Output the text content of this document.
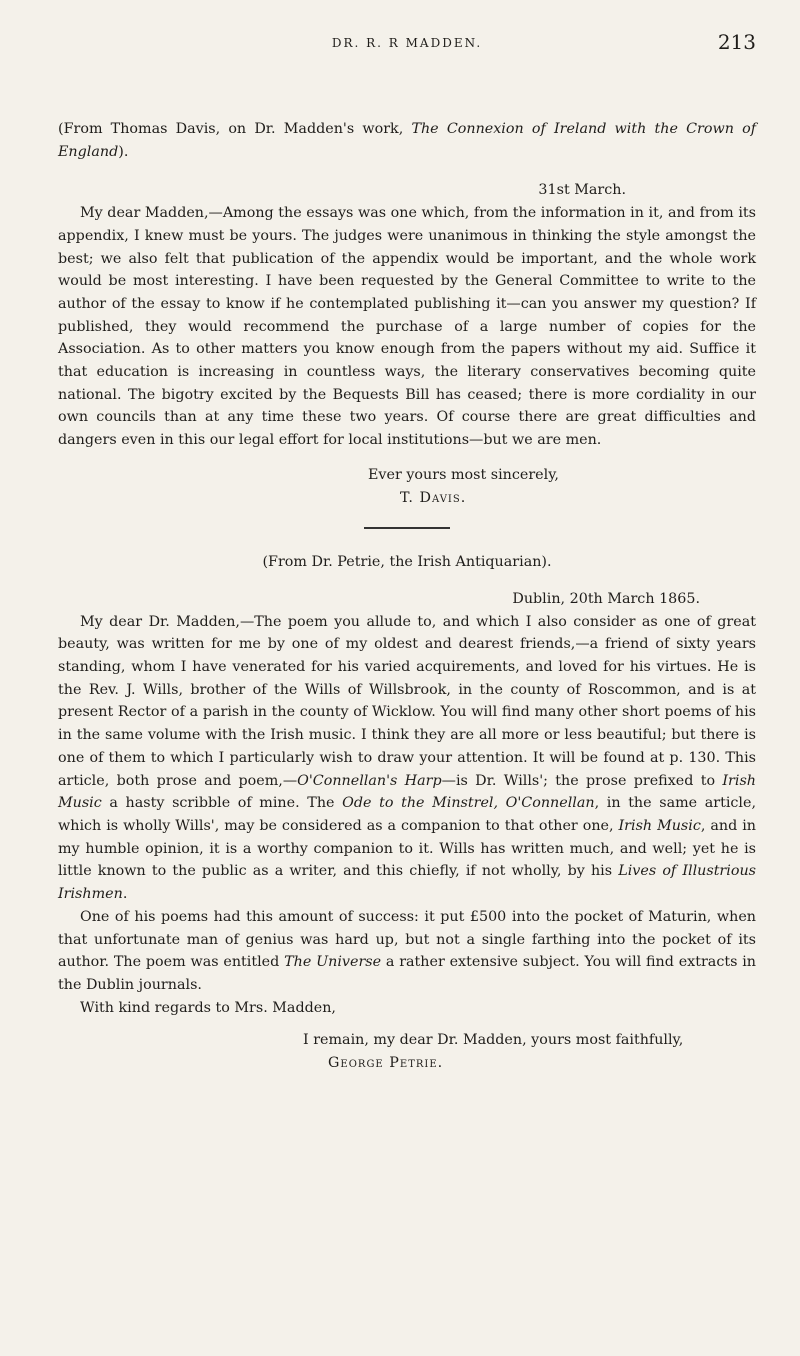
DR. R. R MADDEN.	213

(From Thomas Davis, on Dr. Madden's work, The Connexion of Ireland with the Crown of England).

31st March.

My dear Madden,—Among the essays was one which, from the information in it, and from its appendix, I knew must be yours. The judges were unanimous in thinking the style amongst the best; we also felt that publication of the appendix would be important, and the whole work would be most interesting. I have been requested by the General Committee to write to the author of the essay to know if he contemplated publishing it—can you answer my question? If published, they would recommend the purchase of a large number of copies for the Association. As to other matters you know enough from the papers without my aid. Suffice it that education is increasing in countless ways, the literary conservatives becoming quite national. The bigotry excited by the Bequests Bill has ceased; there is more cordiality in our own councils than at any time these two years. Of course there are great difficulties and dangers even in this our legal effort for local institutions—but we are men.

Ever yours most sincerely,

T. Davis.

(From Dr. Petrie, the Irish Antiquarian).

Dublin, 20th March 1865.

My dear Dr. Madden,—The poem you allude to, and which I also consider as one of great beauty, was written for me by one of my oldest and dearest friends,—a friend of sixty years standing, whom I have venerated for his varied acquirements, and loved for his virtues. He is the Rev. J. Wills, brother of the Wills of Willsbrook, in the county of Roscommon, and is at present Rector of a parish in the county of Wicklow. You will find many other short poems of his in the same volume with the Irish music. I think they are all more or less beautiful; but there is one of them to which I particularly wish to draw your attention. It will be found at p. 130. This article, both prose and poem,—O'Connellan's Harp—is Dr. Wills'; the prose prefixed to Irish Music a hasty scribble of mine. The Ode to the Minstrel, O'Connellan, in the same article, which is wholly Wills', may be considered as a companion to that other one, Irish Music, and in my humble opinion, it is a worthy companion to it. Wills has written much, and well; yet he is little known to the public as a writer, and this chiefly, if not wholly, by his Lives of Illustrious Irishmen.

One of his poems had this amount of success: it put £500 into the pocket of Maturin, when that unfortunate man of genius was hard up, but not a single farthing into the pocket of its author. The poem was entitled The Universe a rather extensive subject. You will find extracts in the Dublin journals.

With kind regards to Mrs. Madden,

I remain, my dear Dr. Madden, yours most faithfully,

George Petrie.
